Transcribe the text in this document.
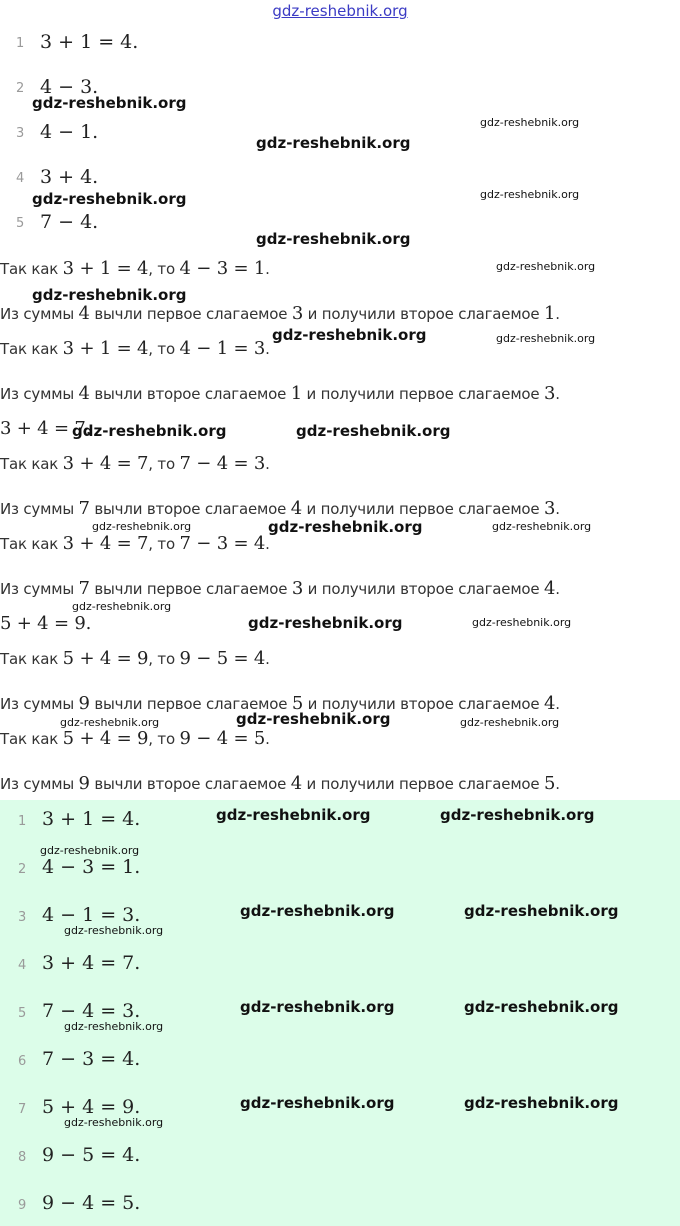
gdz-reshebnik.org
1 3 + 1 = 4.
2 4 − 3.
3 4 − 1.
4 3 + 4.
5 7 − 4.
Так как 3 + 1 = 4, то 4 − 3 = 1.
Из суммы 4 вычли первое слагаемое 3 и получили второе слагаемое 1.
Так как 3 + 1 = 4, то 4 − 1 = 3.
Из суммы 4 вычли второе слагаемое 1 и получили первое слагаемое 3.
3 + 4 = 7.
Так как 3 + 4 = 7, то 7 − 4 = 3.
Из суммы 7 вычли второе слагаемое 4 и получили первое слагаемое 3.
Так как 3 + 4 = 7, то 7 − 3 = 4.
Из суммы 7 вычли первое слагаемое 3 и получили второе слагаемое 4.
5 + 4 = 9.
Так как 5 + 4 = 9, то 9 − 5 = 4.
Из суммы 9 вычли первое слагаемое 5 и получили второе слагаемое 4.
Так как 5 + 4 = 9, то 9 − 4 = 5.
Из суммы 9 вычли второе слагаемое 4 и получили первое слагаемое 5.
1 3 + 1 = 4.
2 4 − 3 = 1.
3 4 − 1 = 3.
4 3 + 4 = 7.
5 7 − 4 = 3.
6 7 − 3 = 4.
7 5 + 4 = 9.
8 9 − 5 = 4.
9 9 − 4 = 5.
gdz-reshebnik.org
gdz-reshebnik.org
gdz-reshebnik.org
gdz-reshebnik.org	gdz-reshebnik.org
gdz-reshebnik.org
gdz-reshebnik.org
gdz-reshebnik.org
gdz-reshebnik.org	gdz-reshebnik.org
gdz-reshebnik.org	gdz-reshebnik.org
gdz-reshebnik.org	gdz-reshebnik.org	gdz-reshebnik.org
gdz-reshebnik.org
gdz-reshebnik.org	gdz-reshebnik.org
gdz-reshebnik.org	gdz-reshebnik.org	gdz-reshebnik.org
gdz-reshebnik.org	gdz-reshebnik.org
gdz-reshebnik.org
gdz-reshebnik.org	gdz-reshebnik.org
gdz-reshebnik.org
gdz-reshebnik.org	gdz-reshebnik.org
gdz-reshebnik.org
gdz-reshebnik.org	gdz-reshebnik.org
gdz-reshebnik.org
